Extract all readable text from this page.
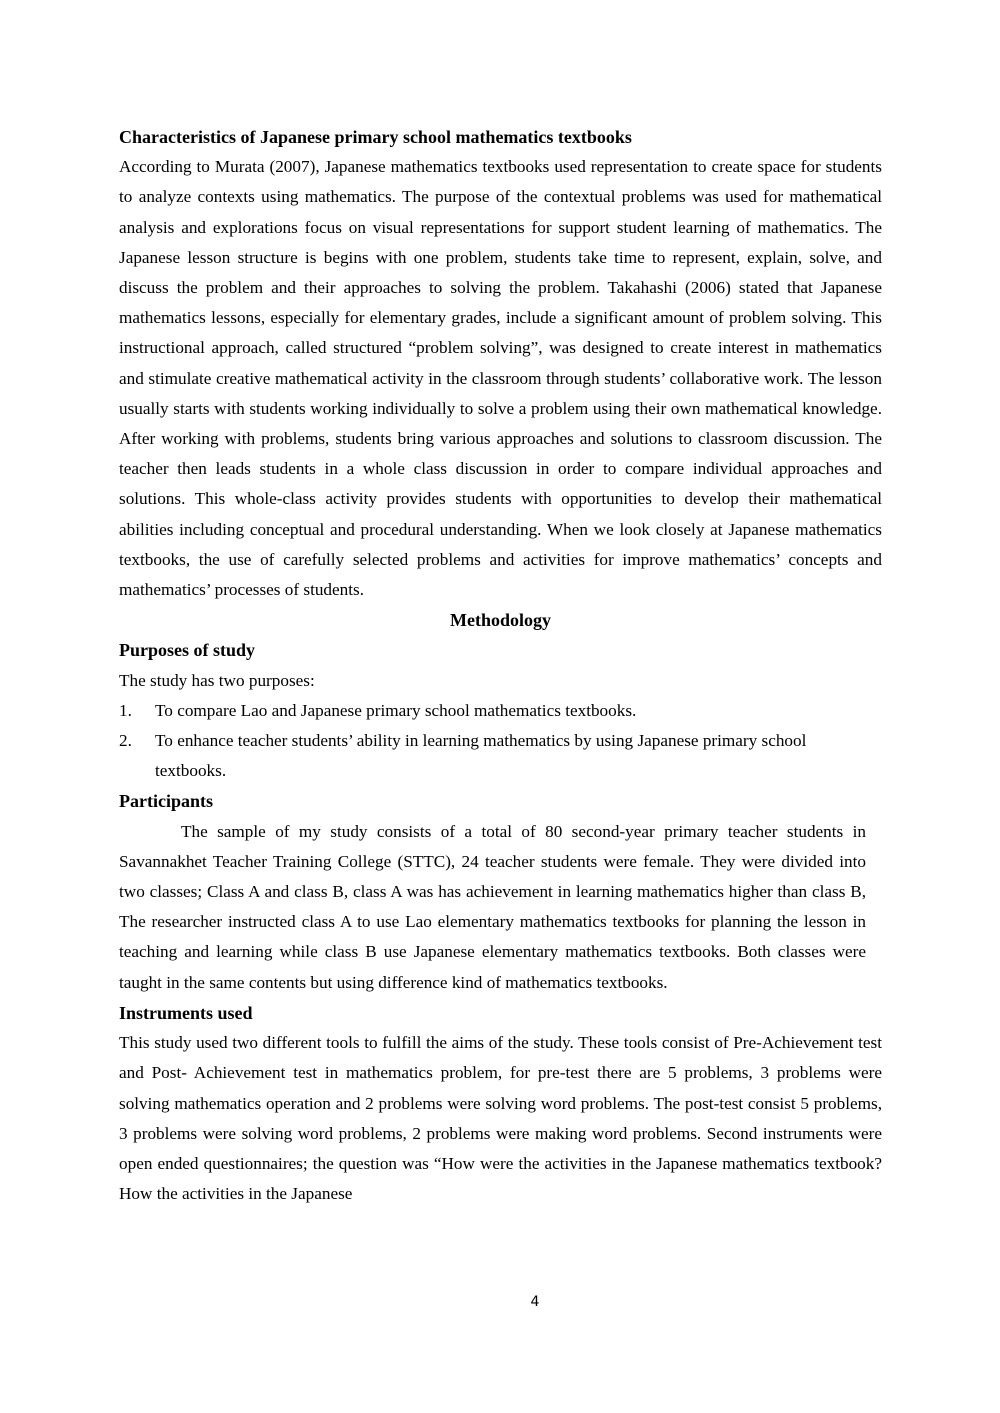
Characteristics of Japanese primary school mathematics textbooks

According to Murata (2007), Japanese mathematics textbooks used representation to create space for students to analyze contexts using mathematics. The purpose of the contextual problems was used for mathematical analysis and explorations focus on visual representations for support student learning of mathematics. The Japanese lesson structure is begins with one problem, students take time to represent, explain, solve, and discuss the problem and their approaches to solving the problem. Takahashi (2006) stated that Japanese mathematics lessons, especially for elementary grades, include a significant amount of problem solving. This instructional approach, called structured “problem solving”, was designed to create interest in mathematics and stimulate creative mathematical activity in the classroom through students’ collaborative work. The lesson usually starts with students working individually to solve a problem using their own mathematical knowledge. After working with problems, students bring various approaches and solutions to classroom discussion. The teacher then leads students in a whole class discussion in order to compare individual approaches and solutions. This whole-class activity provides students with opportunities to develop their mathematical abilities including conceptual and procedural understanding. When we look closely at Japanese mathematics textbooks, the use of carefully selected problems and activities for improve mathematics’ concepts and mathematics’ processes of students.

Methodology
Purposes of study

The study has two purposes:

1. To compare Lao and Japanese primary school mathematics textbooks.
2. To enhance teacher students’ ability in learning mathematics by using Japanese primary school textbooks.
Participants

The sample of my study consists of a total of 80 second-year primary teacher students in Savannakhet Teacher Training College (STTC), 24 teacher students were female. They were divided into two classes; Class A and class B, class A was has achievement in learning mathematics higher than class B, The researcher instructed class A to use Lao elementary mathematics textbooks for planning the lesson in teaching and learning while class B use Japanese elementary mathematics textbooks. Both classes were taught in the same contents but using difference kind of mathematics textbooks.

Instruments used

This study used two different tools to fulfill the aims of the study. These tools consist of Pre-Achievement test and Post- Achievement test in mathematics problem, for pre-test there are 5 problems, 3 problems were solving mathematics operation and 2 problems were solving word problems. The post-test consist 5 problems, 3 problems were solving word problems, 2 problems were making word problems. Second instruments were open ended questionnaires; the question was “How were the activities in the Japanese mathematics textbook? How the activities in the Japanese

4
